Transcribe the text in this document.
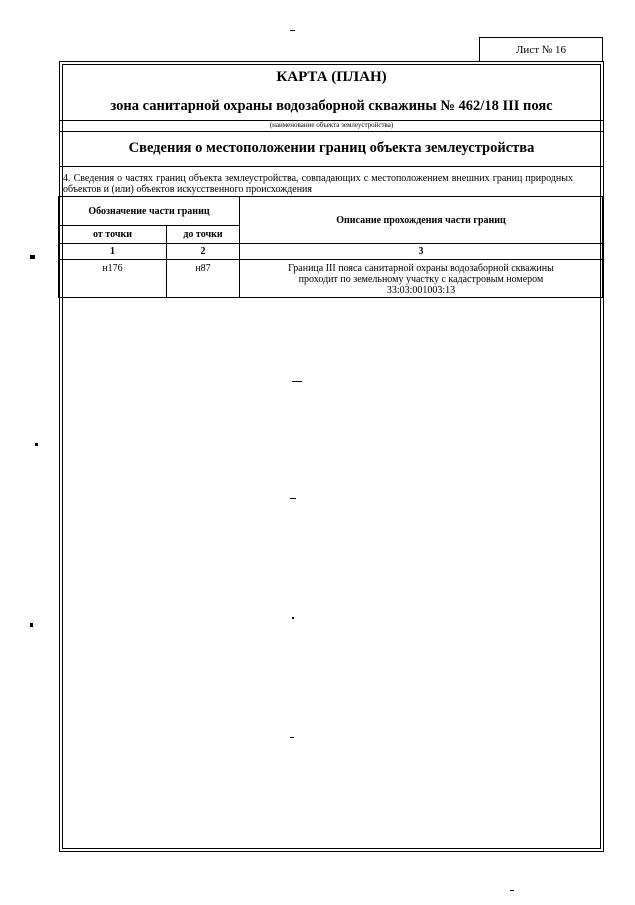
Лист № 16
КАРТА (ПЛАН)
зона санитарной охраны водозаборной скважины № 462/18 III пояс
(наименование объекта землеустройства)
Сведения о местоположении границ объекта землеустройства
4. Сведения о частях границ объекта землеустройства, совпадающих с местоположением внешних границ природных объектов и (или) объектов искусственного происхождения
Обозначение части границ		Описание прохождения части границ
от точки	до точки	
1	2	3
н176	н87	Граница III пояса санитарной охраны водозаборной скважины проходит по земельному участку с кадастровым номером 33:03:001003:13
